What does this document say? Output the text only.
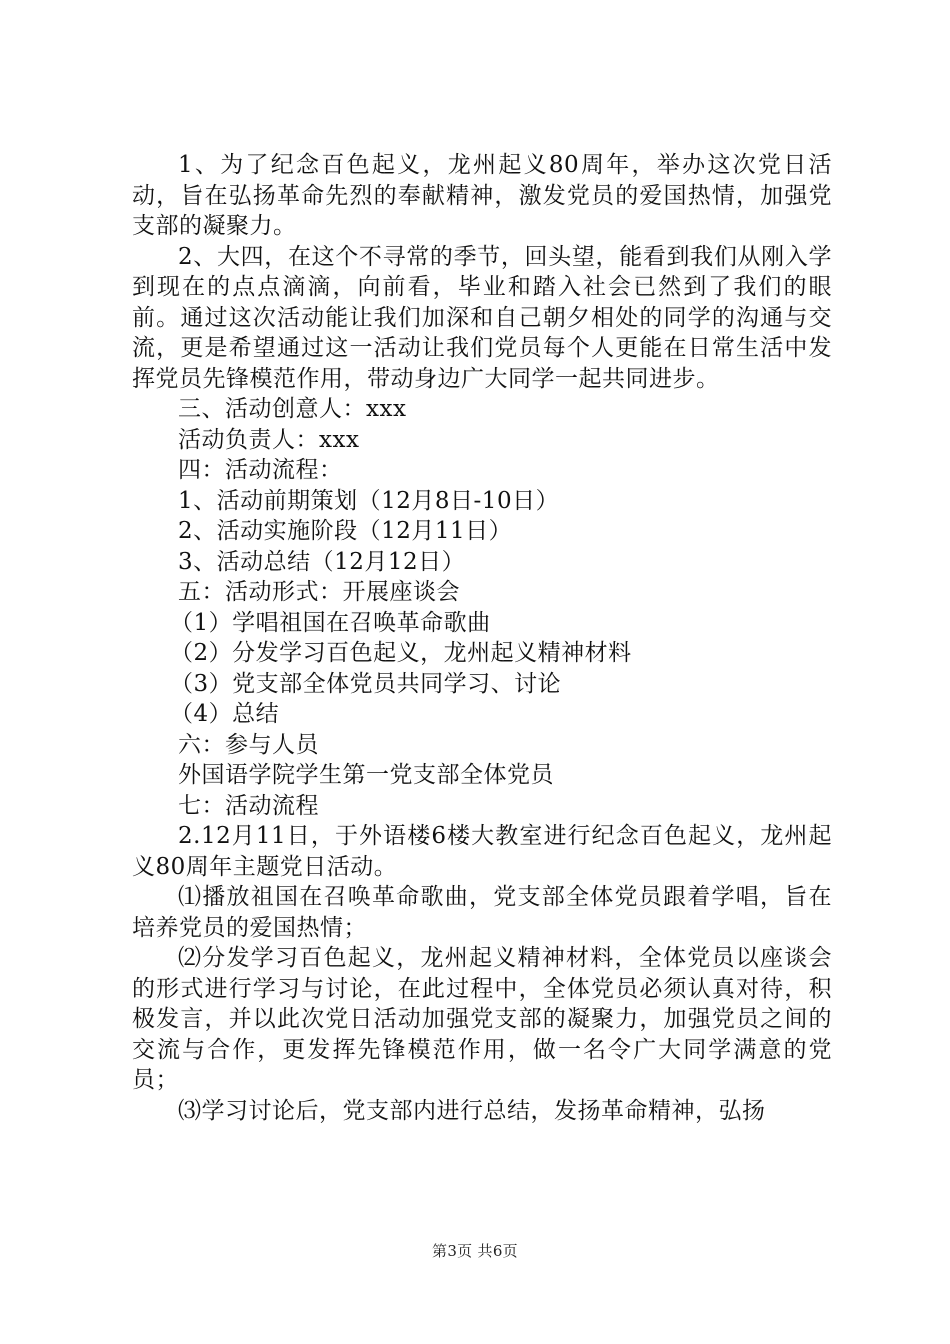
1、为了纪念百色起义，龙州起义80周年，举办这次党日活动，旨在弘扬革命先烈的奉献精神，激发党员的爱国热情，加强党支部的凝聚力。

2、大四，在这个不寻常的季节，回头望，能看到我们从刚入学到现在的点点滴滴，向前看，毕业和踏入社会已然到了我们的眼前。通过这次活动能让我们加深和自己朝夕相处的同学的沟通与交流，更是希望通过这一活动让我们党员每个人更能在日常生活中发挥党员先锋模范作用，带动身边广大同学一起共同进步。

三、活动创意人：xxx

活动负责人：xxx

四：活动流程：

1、活动前期策划（12月8日-10日）

2、活动实施阶段（12月11日）

3、活动总结（12月12日）

五：活动形式：开展座谈会

（1）学唱祖国在召唤革命歌曲

（2）分发学习百色起义，龙州起义精神材料

（3）党支部全体党员共同学习、讨论

（4）总结

六：参与人员

外国语学院学生第一党支部全体党员

七：活动流程

2.12月11日，于外语楼6楼大教室进行纪念百色起义，龙州起义80周年主题党日活动。

⑴播放祖国在召唤革命歌曲，党支部全体党员跟着学唱，旨在培养党员的爱国热情；

⑵分发学习百色起义，龙州起义精神材料，全体党员以座谈会的形式进行学习与讨论，在此过程中，全体党员必须认真对待，积极发言，并以此次党日活动加强党支部的凝聚力，加强党员之间的交流与合作，更发挥先锋模范作用，做一名令广大同学满意的党员；

⑶学习讨论后，党支部内进行总结，发扬革命精神，弘扬

第3页 共6页
